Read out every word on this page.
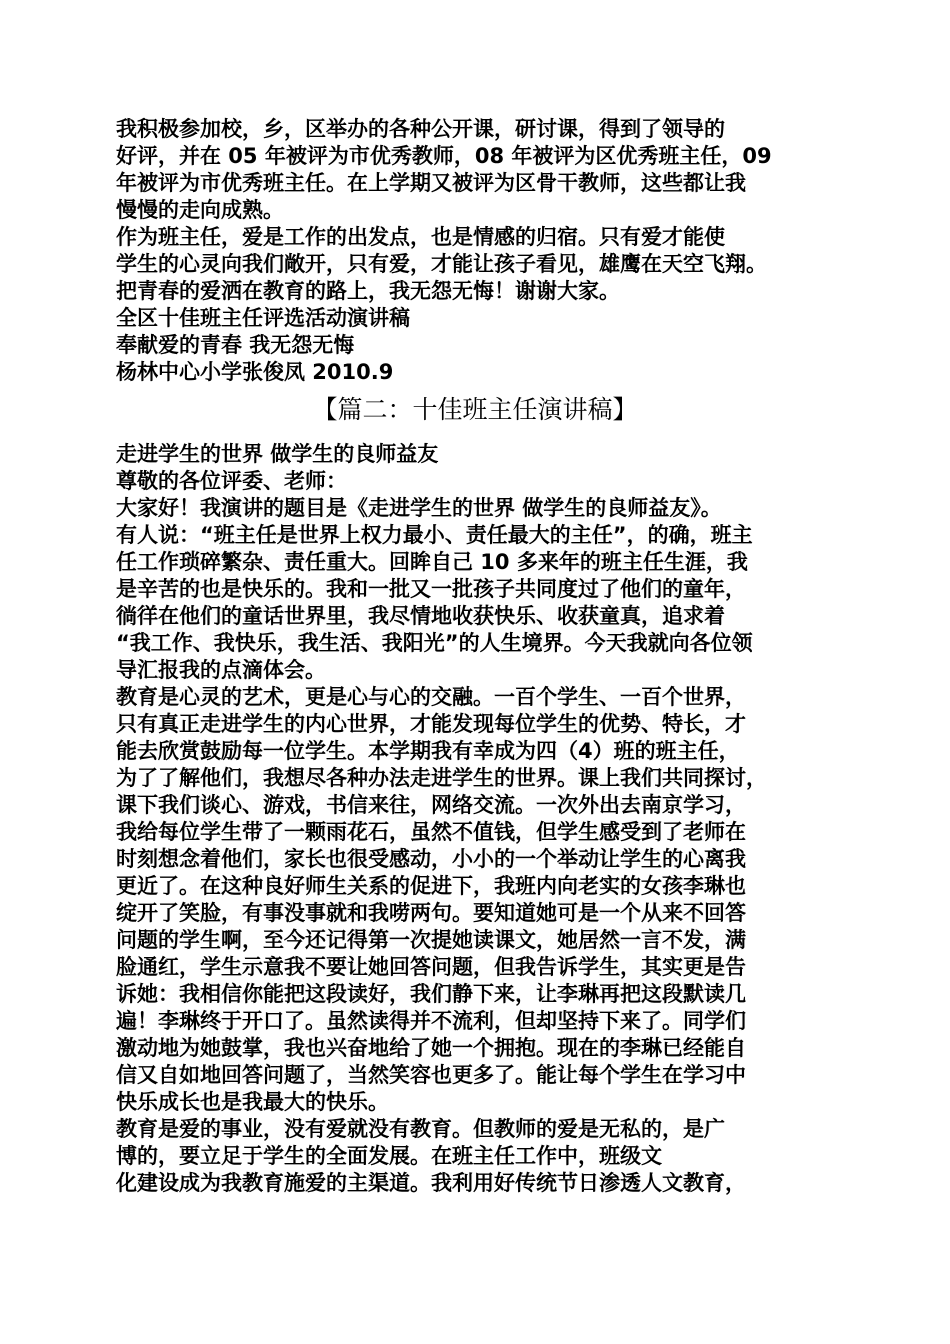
我积极参加校，乡，区举办的各种公开课，研讨课，得到了领导的
好评，并在 05 年被评为市优秀教师，08 年被评为区优秀班主任，09
年被评为市优秀班主任。在上学期又被评为区骨干教师，这些都让我
慢慢的走向成熟。
作为班主任，爱是工作的出发点，也是情感的归宿。只有爱才能使
学生的心灵向我们敞开，只有爱，才能让孩子看见，雄鹰在天空飞翔。
把青春的爱洒在教育的路上，我无怨无悔！谢谢大家。
全区十佳班主任评选活动演讲稿
奉献爱的青春 我无怨无悔
杨林中心小学张俊凤 2010.9
【篇二：十佳班主任演讲稿】
走进学生的世界 做学生的良师益友
尊敬的各位评委、老师：
大家好！我演讲的题目是《走进学生的世界 做学生的良师益友》。
有人说：“班主任是世界上权力最小、责任最大的主任”，的确，班主
任工作琐碎繁杂、责任重大。回眸自己 10 多来年的班主任生涯，我
是辛苦的也是快乐的。我和一批又一批孩子共同度过了他们的童年，
徜徉在他们的童话世界里，我尽情地收获快乐、收获童真，追求着
“我工作、我快乐，我生活、我阳光”的人生境界。今天我就向各位领
导汇报我的点滴体会。
教育是心灵的艺术，更是心与心的交融。一百个学生、一百个世界，
只有真正走进学生的内心世界，才能发现每位学生的优势、特长，才
能去欣赏鼓励每一位学生。本学期我有幸成为四（4）班的班主任，
为了了解他们，我想尽各种办法走进学生的世界。课上我们共同探讨，
课下我们谈心、游戏，书信来往，网络交流。一次外出去南京学习，
我给每位学生带了一颗雨花石，虽然不值钱，但学生感受到了老师在
时刻想念着他们，家长也很受感动，小小的一个举动让学生的心离我
更近了。在这种良好师生关系的促进下，我班内向老实的女孩李琳也
绽开了笑脸，有事没事就和我唠两句。要知道她可是一个从来不回答
问题的学生啊，至今还记得第一次提她读课文，她居然一言不发，满
脸通红，学生示意我不要让她回答问题，但我告诉学生，其实更是告
诉她：我相信你能把这段读好，我们静下来，让李琳再把这段默读几
遍！李琳终于开口了。虽然读得并不流利，但却坚持下来了。同学们
激动地为她鼓掌，我也兴奋地给了她一个拥抱。现在的李琳已经能自
信又自如地回答问题了，当然笑容也更多了。能让每个学生在学习中
快乐成长也是我最大的快乐。
教育是爱的事业，没有爱就没有教育。但教师的爱是无私的，是广
博的，要立足于学生的全面发展。在班主任工作中，班级文
化建设成为我教育施爱的主渠道。我利用好传统节日渗透人文教育，
